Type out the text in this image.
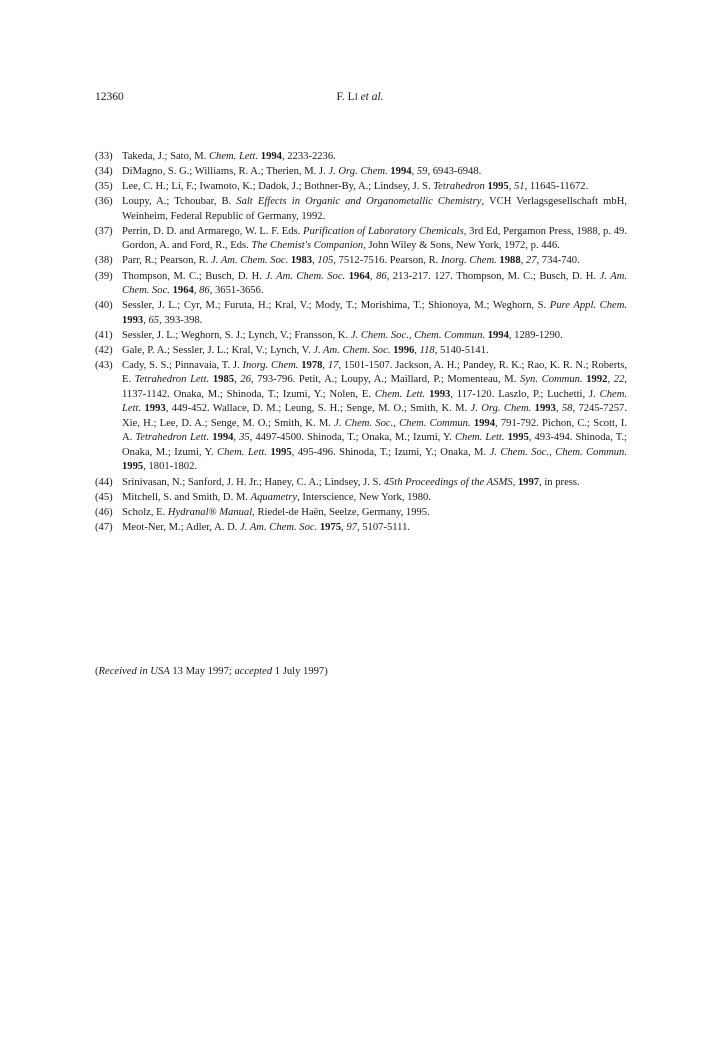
12360	F. LI et al.
(33) Takeda, J.; Sato, M. Chem. Lett. 1994, 2233-2236.
(34) DiMagno, S. G.; Williams, R. A.; Therien, M. J. J. Org. Chem. 1994, 59, 6943-6948.
(35) Lee, C. H.; Li, F.; Iwamoto, K.; Dadok, J.; Bothner-By, A.; Lindsey, J. S. Tetrahedron 1995, 51, 11645-11672.
(36) Loupy, A.; Tchoubar, B. Salt Effects in Organic and Organometallic Chemistry, VCH Verlagsgesellschaft mbH, Weinheim, Federal Republic of Germany, 1992.
(37) Perrin, D. D. and Armarego, W. L. F. Eds. Purification of Laboratory Chemicals, 3rd Ed, Pergamon Press, 1988, p. 49. Gordon, A. and Ford, R., Eds. The Chemist's Companion, John Wiley & Sons, New York, 1972, p. 446.
(38) Parr, R.; Pearson, R. J. Am. Chem. Soc. 1983, 105, 7512-7516. Pearson, R. Inorg. Chem. 1988, 27, 734-740.
(39) Thompson, M. C.; Busch, D. H. J. Am. Chem. Soc. 1964, 86, 213-217. 127. Thompson, M. C.; Busch, D. H. J. Am. Chem. Soc. 1964, 86, 3651-3656.
(40) Sessler, J. L.; Cyr, M.; Furuta, H.; Kral, V.; Mody, T.; Morishima, T.; Shionoya, M.; Weghorn, S. Pure Appl. Chem. 1993, 65, 393-398.
(41) Sessler, J. L.; Weghorn, S. J.; Lynch, V.; Fransson, K. J. Chem. Soc., Chem. Commun. 1994, 1289-1290.
(42) Gale, P. A.; Sessler, J. L.; Kral, V.; Lynch, V. J. Am. Chem. Soc. 1996, 118, 5140-5141.
(43) Cady, S. S.; Pinnavaia, T. J. Inorg. Chem. 1978, 17, 1501-1507. Jackson, A. H.; Pandey, R. K.; Rao, K. R. N.; Roberts, E. Tetrahedron Lett. 1985, 26, 793-796. Petit, A.; Loupy, A.; Maillard, P.; Momenteau, M. Syn. Commun. 1992, 22, 1137-1142. Onaka, M.; Shinoda, T.; Izumi, Y.; Nolen, E. Chem. Lett. 1993, 117-120. Laszlo, P.; Luchetti, J. Chem. Lett. 1993, 449-452. Wallace, D. M.; Leung, S. H.; Senge, M. O.; Smith, K. M. J. Org. Chem. 1993, 58, 7245-7257. Xie, H.; Lee, D. A.; Senge, M. O.; Smith, K. M. J. Chem. Soc., Chem. Commun. 1994, 791-792. Pichon, C.; Scott, I. A. Tetrahedron Lett. 1994, 35, 4497-4500. Shinoda, T.; Onaka, M.; Izumi, Y. Chem. Lett. 1995, 493-494. Shinoda, T.; Onaka, M.; Izumi, Y. Chem. Lett. 1995, 495-496. Shinoda, T.; Izumi, Y.; Onaka, M. J. Chem. Soc., Chem. Commun. 1995, 1801-1802.
(44) Srinivasan, N.; Sanford, J. H. Jr.; Haney, C. A.; Lindsey, J. S. 45th Proceedings of the ASMS, 1997, in press.
(45) Mitchell, S. and Smith, D. M. Aquametry, Interscience, New York, 1980.
(46) Scholz, E. Hydranal® Manual, Riedel-de Haën, Seelze, Germany, 1995.
(47) Meot-Ner, M.; Adler, A. D. J. Am. Chem. Soc. 1975, 97, 5107-5111.
(Received in USA 13 May 1997; accepted 1 July 1997)
